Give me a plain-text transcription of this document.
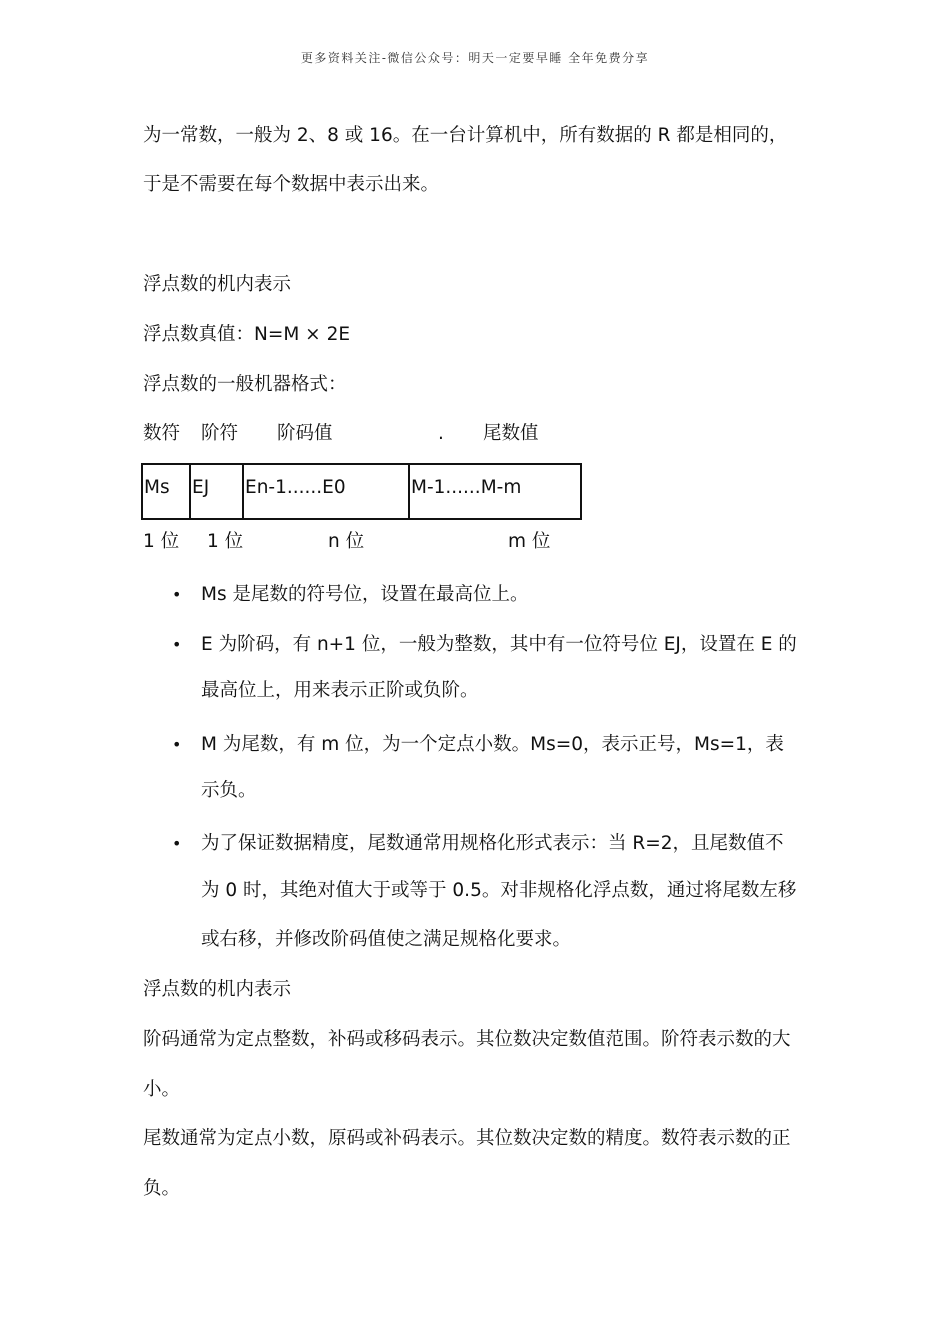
更多资料关注-微信公众号：明天一定要早睡 全年免费分享
为一常数，一般为 2、8 或 16。在一台计算机中，所有数据的 R 都是相同的，
于是不需要在每个数据中表示出来。
浮点数的机内表示
浮点数真值：N=M × 2E
浮点数的一般机器格式：
数符 阶符 阶码值	. 尾数值
Ms	EJ	En-1......E0	M-1......M-m
1 位 1 位	n 位	m 位
• Ms 是尾数的符号位，设置在最高位上。
• E 为阶码，有 n+1 位，一般为整数，其中有一位符号位 EJ，设置在 E 的
最高位上，用来表示正阶或负阶。
• M 为尾数，有 m 位，为一个定点小数。Ms=0，表示正号，Ms=1，表
示负。
• 为了保证数据精度，尾数通常用规格化形式表示：当 R=2，且尾数值不
为 0 时，其绝对值大于或等于 0.5。对非规格化浮点数，通过将尾数左移
或右移，并修改阶码值使之满足规格化要求。
浮点数的机内表示
阶码通常为定点整数，补码或移码表示。其位数决定数值范围。阶符表示数的大
小。
尾数通常为定点小数，原码或补码表示。其位数决定数的精度。数符表示数的正
负。
